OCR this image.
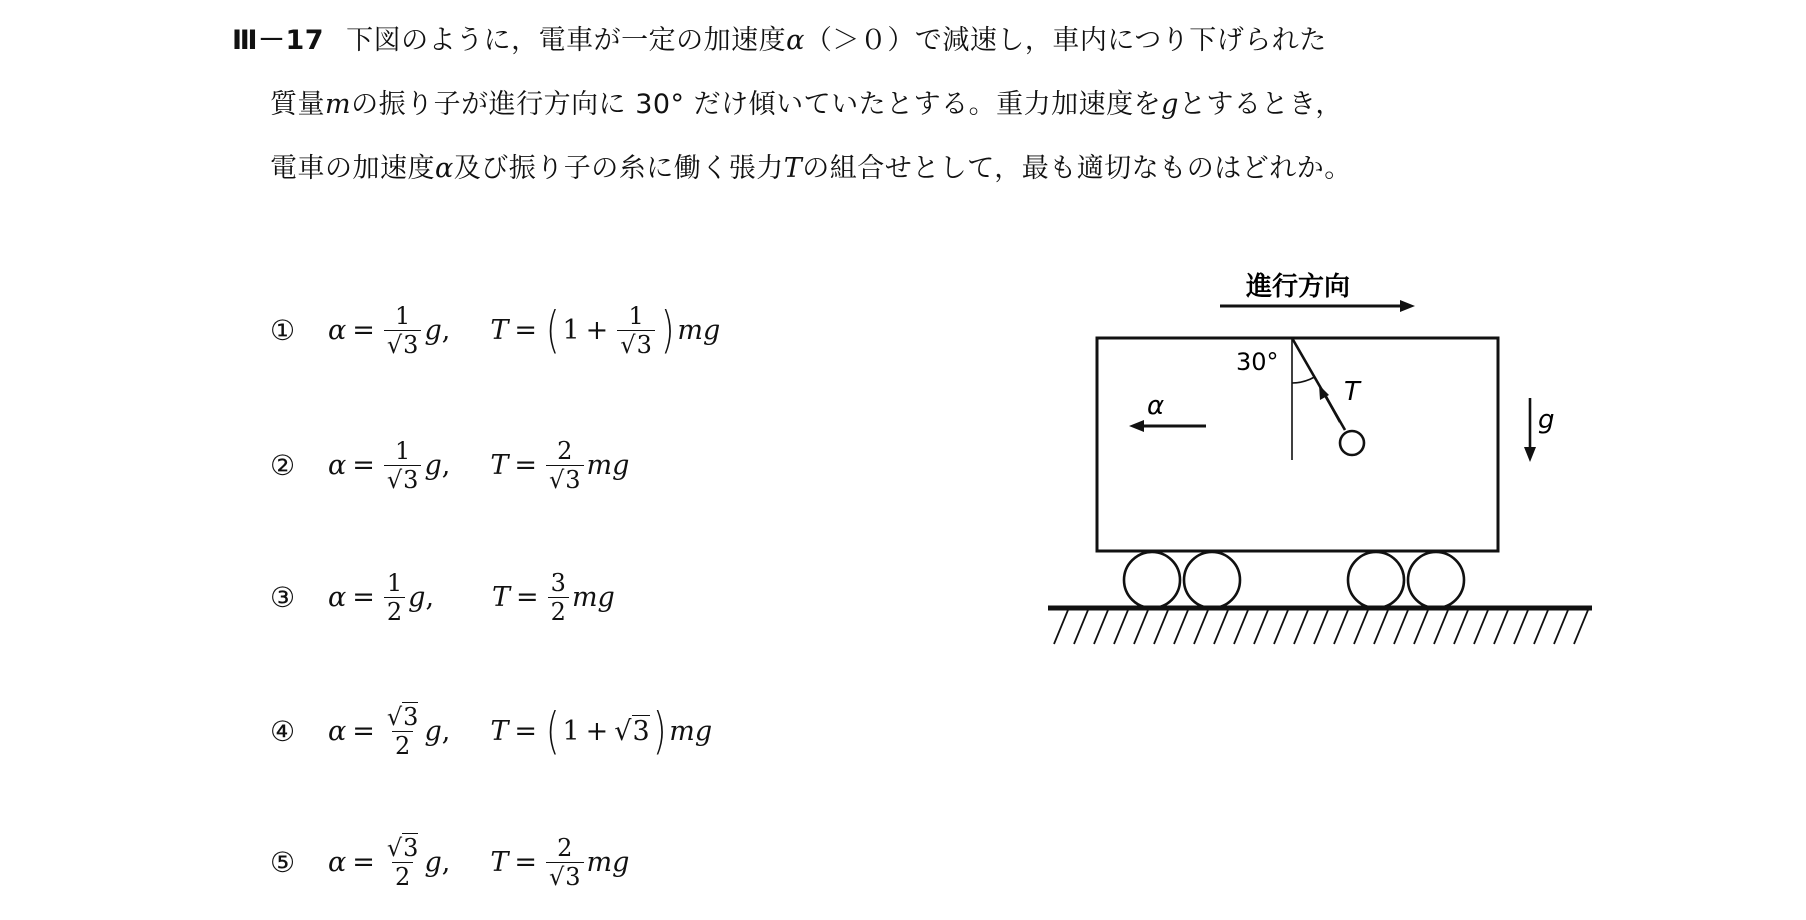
Ⅲ－17 下図のように，電車が一定の加速度α（＞０）で減速し，車内につり下げられた
質量mの振り子が進行方向に 30° だけ傾いていたとする。重力加速度をgとするとき，
電車の加速度α及び振り子の糸に働く張力Tの組合せとして，最も適切なものはどれか。
①	$\alpha = \frac{1}{√3}$ g , T = ( $1 + \frac{1}{√3}$ ) mg
②	$\alpha = \frac{1}{√3}$ g , $T = \frac{2}{√3}$ mg
③	$\alpha = \frac{1}{2}$ g , $T = \frac{3}{2}$ mg
④	$\alpha = \frac{√3}{2}$ g , T = ( 1 + √ 3 ) mg
⑤	$\alpha = \frac{√3}{2}$ g , $T = \frac{2}{√3}$ mg
進行方向
30°
T
α	g
